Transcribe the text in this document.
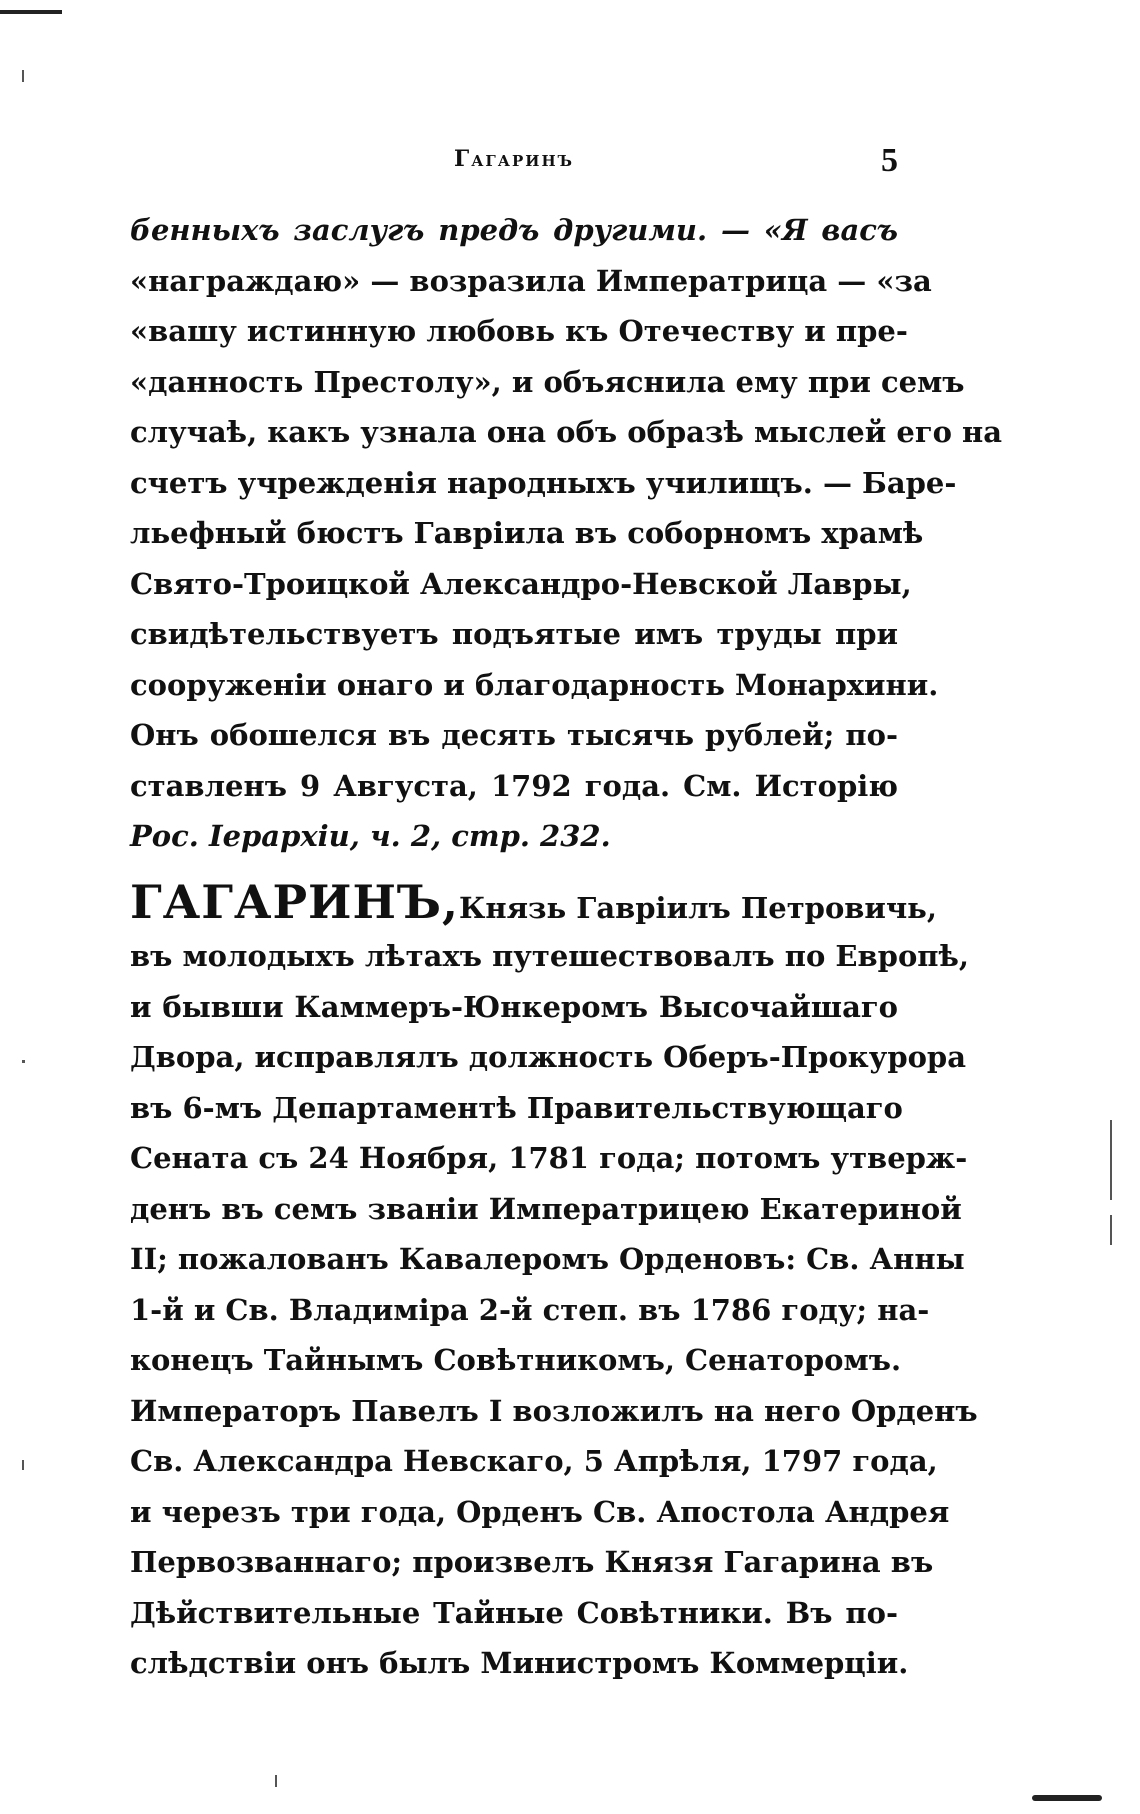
Гагаринъ	5
бенныхъ заслугъ предъ другими. — «Я васъ
«награждаю» — возразила Императрица — «за
«вашу истинную любовь къ Отечеству и пре-
«данность Престолу», и объяснила ему при семъ
случаѣ, какъ узнала она объ образѣ мыслей его на
счетъ учрежденія народныхъ училищъ. — Баре-
льефный бюстъ Гавріила въ соборномъ храмѣ
Свято-Троицкой Александро-Невской Лавры,
свидѣтельствуетъ подъятые имъ труды при
сооруженіи онаго и благодарность Монархини.
Онъ обошелся въ десять тысячь рублей; по-
ставленъ 9 Августа, 1792 года. См. Исторію
Рос. Іерархіи, ч. 2, стр. 232.
ГАГАРИНЪ,Князь Гавріилъ Петровичь,
въ молодыхъ лѣтахъ путешествовалъ по Европѣ,
и бывши Каммеръ-Юнкеромъ Высочайшаго
Двора, исправлялъ должность Оберъ-Прокурора
въ 6-мъ Департаментѣ Правительствующаго
Сената съ 24 Ноября, 1781 года; потомъ утверж-
денъ въ семъ званіи Императрицею Екатериной
II; пожалованъ Кавалеромъ Орденовъ: Св. Анны
1-й и Св. Владиміра 2-й степ. въ 1786 году; на-
конецъ Тайнымъ Совѣтникомъ, Сенаторомъ.
Императоръ Павелъ I возложилъ на него Орденъ
Св. Александра Невскаго, 5 Апрѣля, 1797 года,
и черезъ три года, Орденъ Св. Апостола Андрея
Первозваннаго; произвелъ Князя Гагарина въ
Дѣйствительные Тайные Совѣтники. Въ по-
слѣдствіи онъ былъ Министромъ Коммерціи.
